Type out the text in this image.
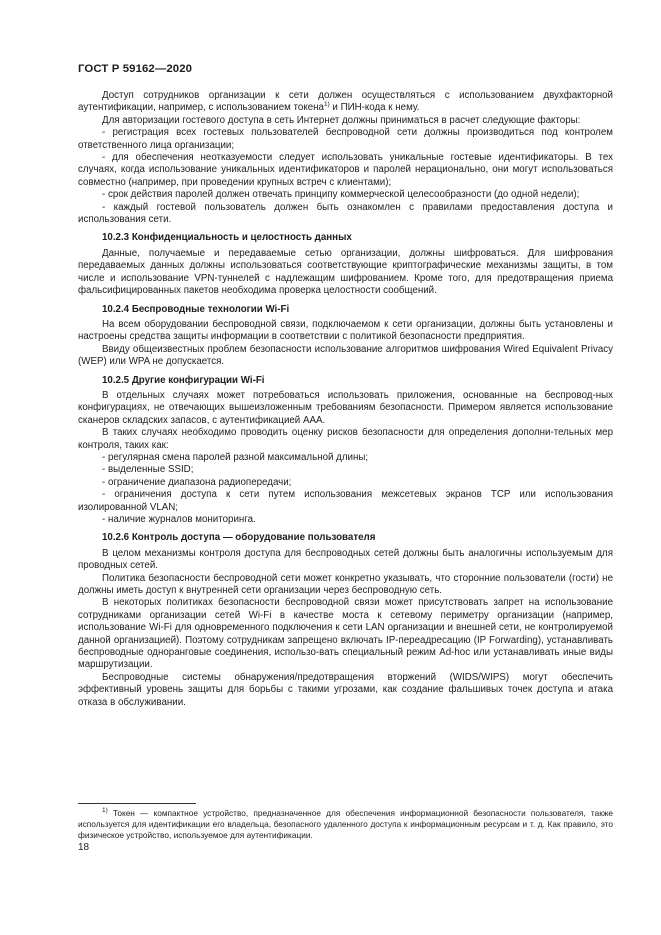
ГОСТ Р 59162—2020

Доступ сотрудников организации к сети должен осуществляться с использованием двухфакторной аутентификации, например, с использованием токена$^{1)}$ и ПИН-кода к нему.

Для авторизации гостевого доступа в сеть Интернет должны приниматься в расчет следующие факторы:

- регистрация всех гостевых пользователей беспроводной сети должны производиться под контролем ответственного лица организации;

- для обеспечения неотказуемости следует использовать уникальные гостевые идентификаторы. В тех случаях, когда использование уникальных идентификаторов и паролей нерационально, они могут использоваться совместно (например, при проведении крупных встреч с клиентами);

- срок действия паролей должен отвечать принципу коммерческой целесообразности (до одной недели);

- каждый гостевой пользователь должен быть ознакомлен с правилами предоставления доступа и использования сети.

10.2.3 Конфиденциальность и целостность данных

Данные, получаемые и передаваемые сетью организации, должны шифроваться. Для шифрования передаваемых данных должны использоваться соответствующие криптографические механизмы защиты, в том числе и использование VPN-туннелей с надлежащим шифрованием. Кроме того, для предотвращения приема фальсифицированных пакетов необходима проверка целостности сообщений.

10.2.4 Беспроводные технологии Wi-Fi

На всем оборудовании беспроводной связи, подключаемом к сети организации, должны быть установлены и настроены средства защиты информации в соответствии с политикой безопасности предприятия.

Ввиду общеизвестных проблем безопасности использование алгоритмов шифрования Wired Equivalent Privacy (WEP) или WPA не допускается.

10.2.5 Другие конфигурации Wi-Fi

В отдельных случаях может потребоваться использовать приложения, основанные на беспровод-ных конфигурациях, не отвечающих вышеизложенным требованиям безопасности. Примером является использование сканеров складских запасов, с аутентификацией ААА.

В таких случаях необходимо проводить оценку рисков безопасности для определения дополни-тельных мер контроля, таких как:

- регулярная смена паролей разной максимальной длины;

- выделенные SSID;

- ограничение диапазона радиопередачи;

- ограничения доступа к сети путем использования межсетевых экранов TCP или использования изолированной VLAN;

- наличие журналов мониторинга.

10.2.6 Контроль доступа — оборудование пользователя

В целом механизмы контроля доступа для беспроводных сетей должны быть аналогичны используемым для проводных сетей.

Политика безопасности беспроводной сети может конкретно указывать, что сторонние пользователи (гости) не должны иметь доступ к внутренней сети организации через беспроводную сеть.

В некоторых политиках безопасности беспроводной связи может присутствовать запрет на использование сотрудниками организации сетей Wi-Fi в качестве моста к сетевому периметру организации (например, использование Wi-Fi для одновременного подключения к сети LAN организации и внешней сети, не контролируемой данной организацией). Поэтому сотрудникам запрещено включать IP-переадресацию (IP Forwarding), устанавливать беспроводные одноранговые соединения, использо-вать специальный режим Ad-hoc или устанавливать иные виды маршрутизации.

Беспроводные системы обнаружения/предотвращения вторжений (WIDS/WIPS) могут обеспечить эффективный уровень защиты для борьбы с такими угрозами, как создание фальшивых точек доступа и атака отказа в обслуживании.

$^{1)}$ Токен — компактное устройство, предназначенное для обеспечения информационной безопасности пользователя, также используется для идентификации его владельца, безопасного удаленного доступа к информационным ресурсам и т. д. Как правило, это физическое устройство, используемое для аутентификации.

18
